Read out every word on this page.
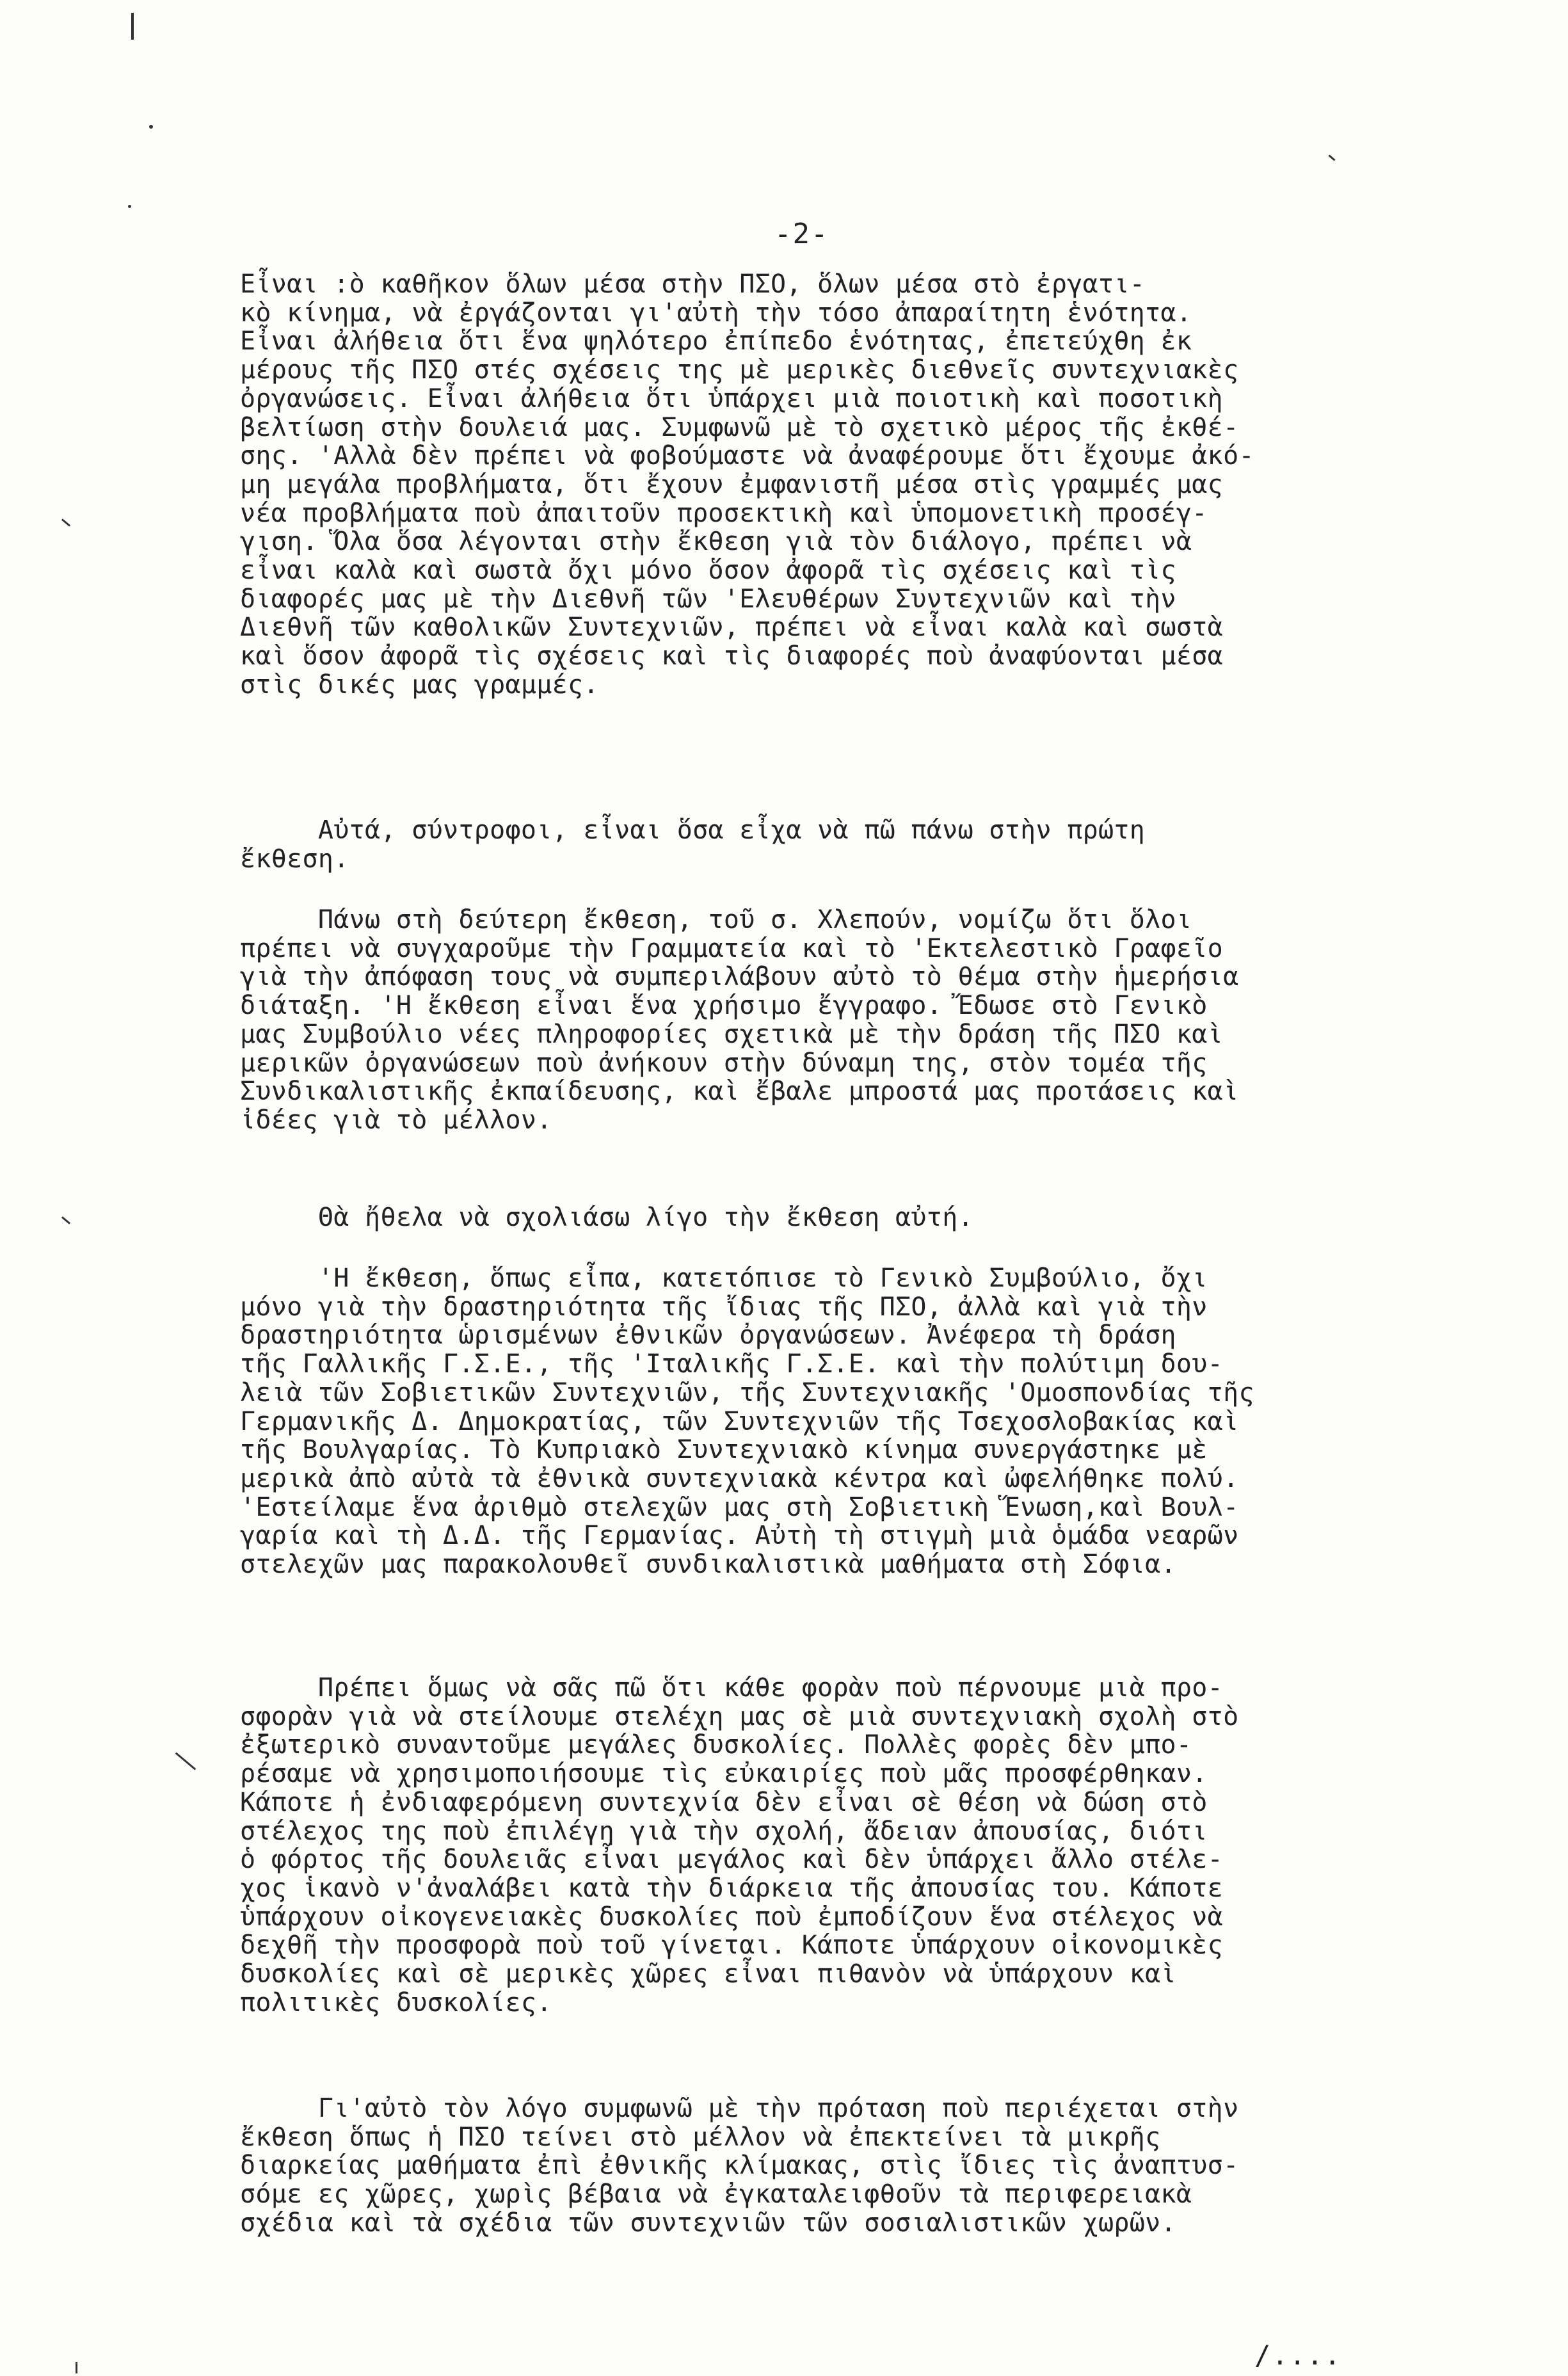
-2-
Εἶναι :ὸ καθῆκον ὅλων μέσα στὴν ΠΣΟ, ὅλων μέσα στὸ ἐργατι-
κὸ κίνημα, νὰ ἐργάζονται γι'αὐτὴ τὴν τόσο ἀπαραίτητη ἑνότητα.
Εἶναι ἀλήθεια ὅτι ἕνα ψηλότερο ἐπίπεδο ἑνότητας, ἐπετεύχθη ἐκ
μέρους τῆς ΠΣΟ στές σχέσεις της μὲ μερικὲς διεθνεῖς συντεχνιακὲς
ὀργανώσεις. Εἶναι ἀλήθεια ὅτι ὑπάρχει μιὰ ποιοτικὴ καὶ ποσοτικὴ
βελτίωση στὴν δουλειά μας. Συμφωνῶ μὲ τὸ σχετικὸ μέρος τῆς ἐκθέ-
σης. 'Αλλὰ δὲν πρέπει νὰ φοβούμαστε νὰ ἀναφέρουμε ὅτι ἔχουμε ἀκό-
μη μεγάλα προβλήματα, ὅτι ἔχουν ἐμφανιστῆ μέσα στὶς γραμμές μας
νέα προβλήματα ποὺ ἀπαιτοῦν προσεκτικὴ καὶ ὑπομονετικὴ προσέγ-
γιση. Ὅλα ὅσα λέγονται στὴν ἔκθεση γιὰ τὸν διάλογο, πρέπει νὰ
εἶναι καλὰ καὶ σωστὰ ὄχι μόνο ὅσον ἀφορᾶ τὶς σχέσεις καὶ τὶς
διαφορές μας μὲ τὴν Διεθνῆ τῶν 'Ελευθέρων Συντεχνιῶν καὶ τὴν
Διεθνῆ τῶν καθολικῶν Συντεχνιῶν, πρέπει νὰ εἶναι καλὰ καὶ σωστὰ
καὶ ὅσον ἀφορᾶ τὶς σχέσεις καὶ τὶς διαφορές ποὺ ἀναφύονται μέσα
στὶς δικές μας γραμμές.
Αὐτά, σύντροφοι, εἶναι ὅσα εἶχα νὰ πῶ πάνω στὴν πρώτη
ἔκθεση.
Πάνω στὴ δεύτερη ἔκθεση, τοῦ σ. Χλεπούν, νομίζω ὅτι ὅλοι
πρέπει νὰ συγχαροῦμε τὴν Γραμματεία καὶ τὸ 'Εκτελεστικὸ Γραφεῖο
γιὰ τὴν ἀπόφαση τους νὰ συμπεριλάβουν αὐτὸ τὸ θέμα στὴν ἡμερήσια
διάταξη. 'Η ἔκθεση εἶναι ἕνα χρήσιμο ἔγγραφο. Ἔδωσε στὸ Γενικὸ
μας Συμβούλιο νέες πληροφορίες σχετικὰ μὲ τὴν δράση τῆς ΠΣΟ καὶ
μερικῶν ὀργανώσεων ποὺ ἀνήκουν στὴν δύναμη της, στὸν τομέα τῆς
Συνδικαλιστικῆς ἐκπαίδευσης, καὶ ἔβαλε μπροστά μας προτάσεις καὶ
ἰδέες γιὰ τὸ μέλλον.
Θὰ ἤθελα νὰ σχολιάσω λίγο τὴν ἔκθεση αὐτή.
'Η ἔκθεση, ὅπως εἶπα, κατετόπισε τὸ Γενικὸ Συμβούλιο, ὄχι
μόνο γιὰ τὴν δραστηριότητα τῆς ἴδιας τῆς ΠΣΟ, ἀλλὰ καὶ γιὰ τὴν
δραστηριότητα ὡρισμένων ἐθνικῶν ὀργανώσεων. Ἀνέφερα τὴ δράση
τῆς Γαλλικῆς Γ.Σ.Ε., τῆς 'Ιταλικῆς Γ.Σ.Ε. καὶ τὴν πολύτιμη δου-
λειὰ τῶν Σοβιετικῶν Συντεχνιῶν, τῆς Συντεχνιακῆς 'Ομοσπονδίας τῆς
Γερμανικῆς Δ. Δημοκρατίας, τῶν Συντεχνιῶν τῆς Τσεχοσλοβακίας καὶ
τῆς Βουλγαρίας. Τὸ Κυπριακὸ Συντεχνιακὸ κίνημα συνεργάστηκε μὲ
μερικὰ ἀπὸ αὐτὰ τὰ ἐθνικὰ συντεχνιακὰ κέντρα καὶ ὠφελήθηκε πολύ.
'Εστείλαμε ἕνα ἀριθμὸ στελεχῶν μας στὴ Σοβιετικὴ Ἕνωση,καὶ Βουλ-
γαρία καὶ τὴ Δ.Δ. τῆς Γερμανίας. Αὐτὴ τὴ στιγμὴ μιὰ ὁμάδα νεαρῶν
στελεχῶν μας παρακολουθεῖ συνδικαλιστικὰ μαθήματα στὴ Σόφια.
Πρέπει ὅμως νὰ σᾶς πῶ ὅτι κάθε φορὰν ποὺ πέρνουμε μιὰ προ-
σφορὰν γιὰ νὰ στείλουμε στελέχη μας σὲ μιὰ συντεχνιακὴ σχολὴ στὸ
ἐξωτερικὸ συναντοῦμε μεγάλες δυσκολίες. Πολλὲς φορὲς δὲν μπο-
ρέσαμε νὰ χρησιμοποιήσουμε τὶς εὐκαιρίες ποὺ μᾶς προσφέρθηκαν.
Κάποτε ἡ ἐνδιαφερόμενη συντεχνία δὲν εἶναι σὲ θέση νὰ δώση στὸ
στέλεχος της ποὺ ἐπιλέγη γιὰ τὴν σχολή, ἄδειαν ἀπουσίας, διότι
ὁ φόρτος τῆς δουλειᾶς εἶναι μεγάλος καὶ δὲν ὑπάρχει ἄλλο στέλε-
χος ἱκανὸ ν'ἀναλάβει κατὰ τὴν διάρκεια τῆς ἀπουσίας του. Κάποτε
ὑπάρχουν οἰκογενειακὲς δυσκολίες ποὺ ἐμποδίζουν ἕνα στέλεχος νὰ
δεχθῆ τὴν προσφορὰ ποὺ τοῦ γίνεται. Κάποτε ὑπάρχουν οἰκονομικὲς
δυσκολίες καὶ σὲ μερικὲς χῶρες εἶναι πιθανὸν νὰ ὑπάρχουν καὶ
πολιτικὲς δυσκολίες.
Γι'αὐτὸ τὸν λόγο συμφωνῶ μὲ τὴν πρόταση ποὺ περιέχεται στὴν
ἔκθεση ὅπως ἡ ΠΣΟ τείνει στὸ μέλλον νὰ ἐπεκτείνει τὰ μικρῆς
διαρκείας μαθήματα ἐπὶ ἐθνικῆς κλίμακας, στὶς ἴδιες τὶς ἀναπτυσ-
σόμε ες χῶρες, χωρὶς βέβαια νὰ ἐγκαταλειφθοῦν τὰ περιφερειακὰ
σχέδια καὶ τὰ σχέδια τῶν συντεχνιῶν τῶν σοσιαλιστικῶν χωρῶν.
/....
